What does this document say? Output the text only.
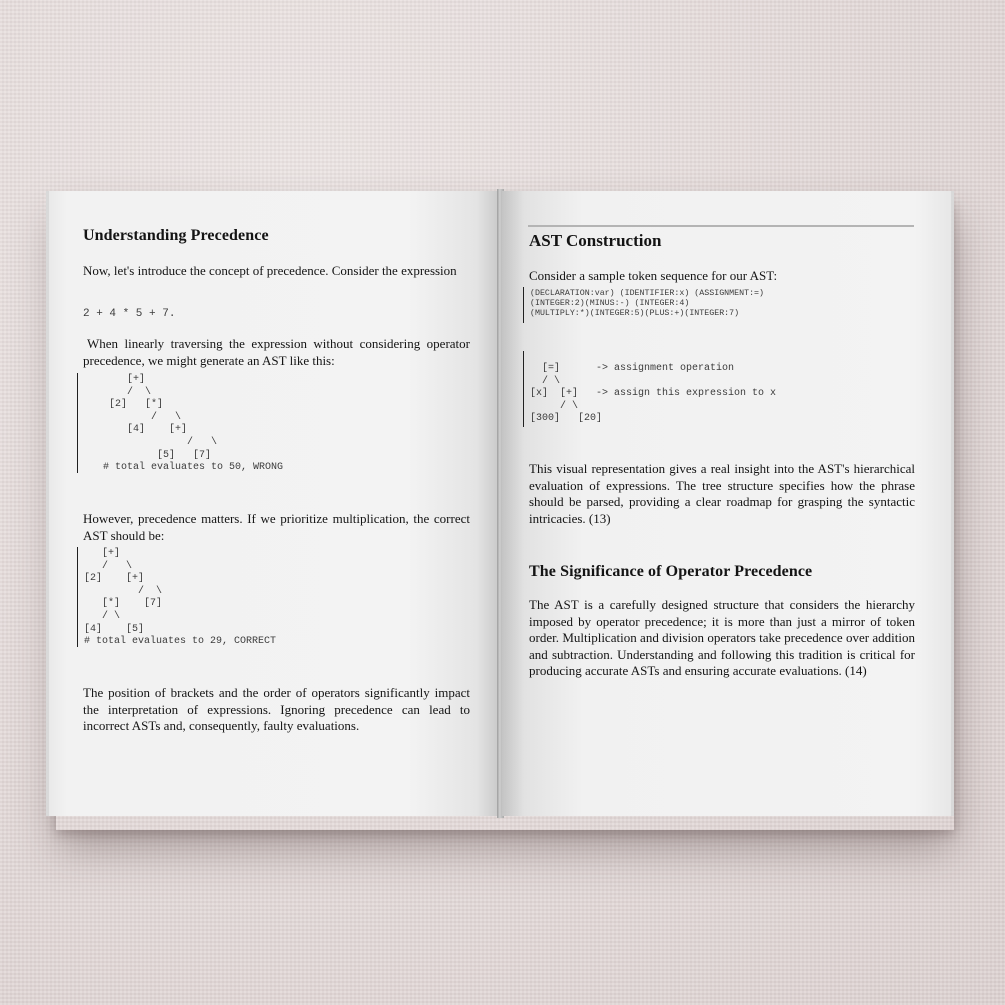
Understanding Precedence
Now, let's introduce the concept of precedence. Consider the expression
2 + 4 * 5 + 7.
When linearly traversing the expression without considering operator precedence, we might generate an AST like this:
[+]
/  \
[2]   [*]
/   \
[4]    [+]
/   \
[5]   [7]
# total evaluates to 50, WRONG
However, precedence matters. If we prioritize multiplication, the correct AST should be:
[+]
/   \
[2]    [+]
/  \
[*]    [7]
/ \
[4]    [5]
# total evaluates to 29, CORRECT
The position of brackets and the order of operators significantly impact the interpretation of expressions. Ignoring precedence can lead to incorrect ASTs and, consequently, faulty evaluations.
AST Construction
Consider a sample token sequence for our AST:
(DECLARATION:var) (IDENTIFIER:x) (ASSIGNMENT:=)
(INTEGER:2)(MINUS:-) (INTEGER:4)
(MULTIPLY:*)(INTEGER:5)(PLUS:+)(INTEGER:7)
[=]      -> assignment operation
/ \
[x]  [+]   -> assign this expression to x
/ \
[300]   [20]
This visual representation gives a real insight into the AST's hierarchical evaluation of expressions. The tree structure specifies how the phrase should be parsed, providing a clear roadmap for grasping the syntactic intricacies. (13)
The Significance of Operator Precedence
The AST is a carefully designed structure that considers the hierarchy imposed by operator precedence; it is more than just a mirror of token order. Multiplication and division operators take precedence over addition and subtraction. Understanding and following this tradition is critical for producing accurate ASTs and ensuring accurate evaluations. (14)
